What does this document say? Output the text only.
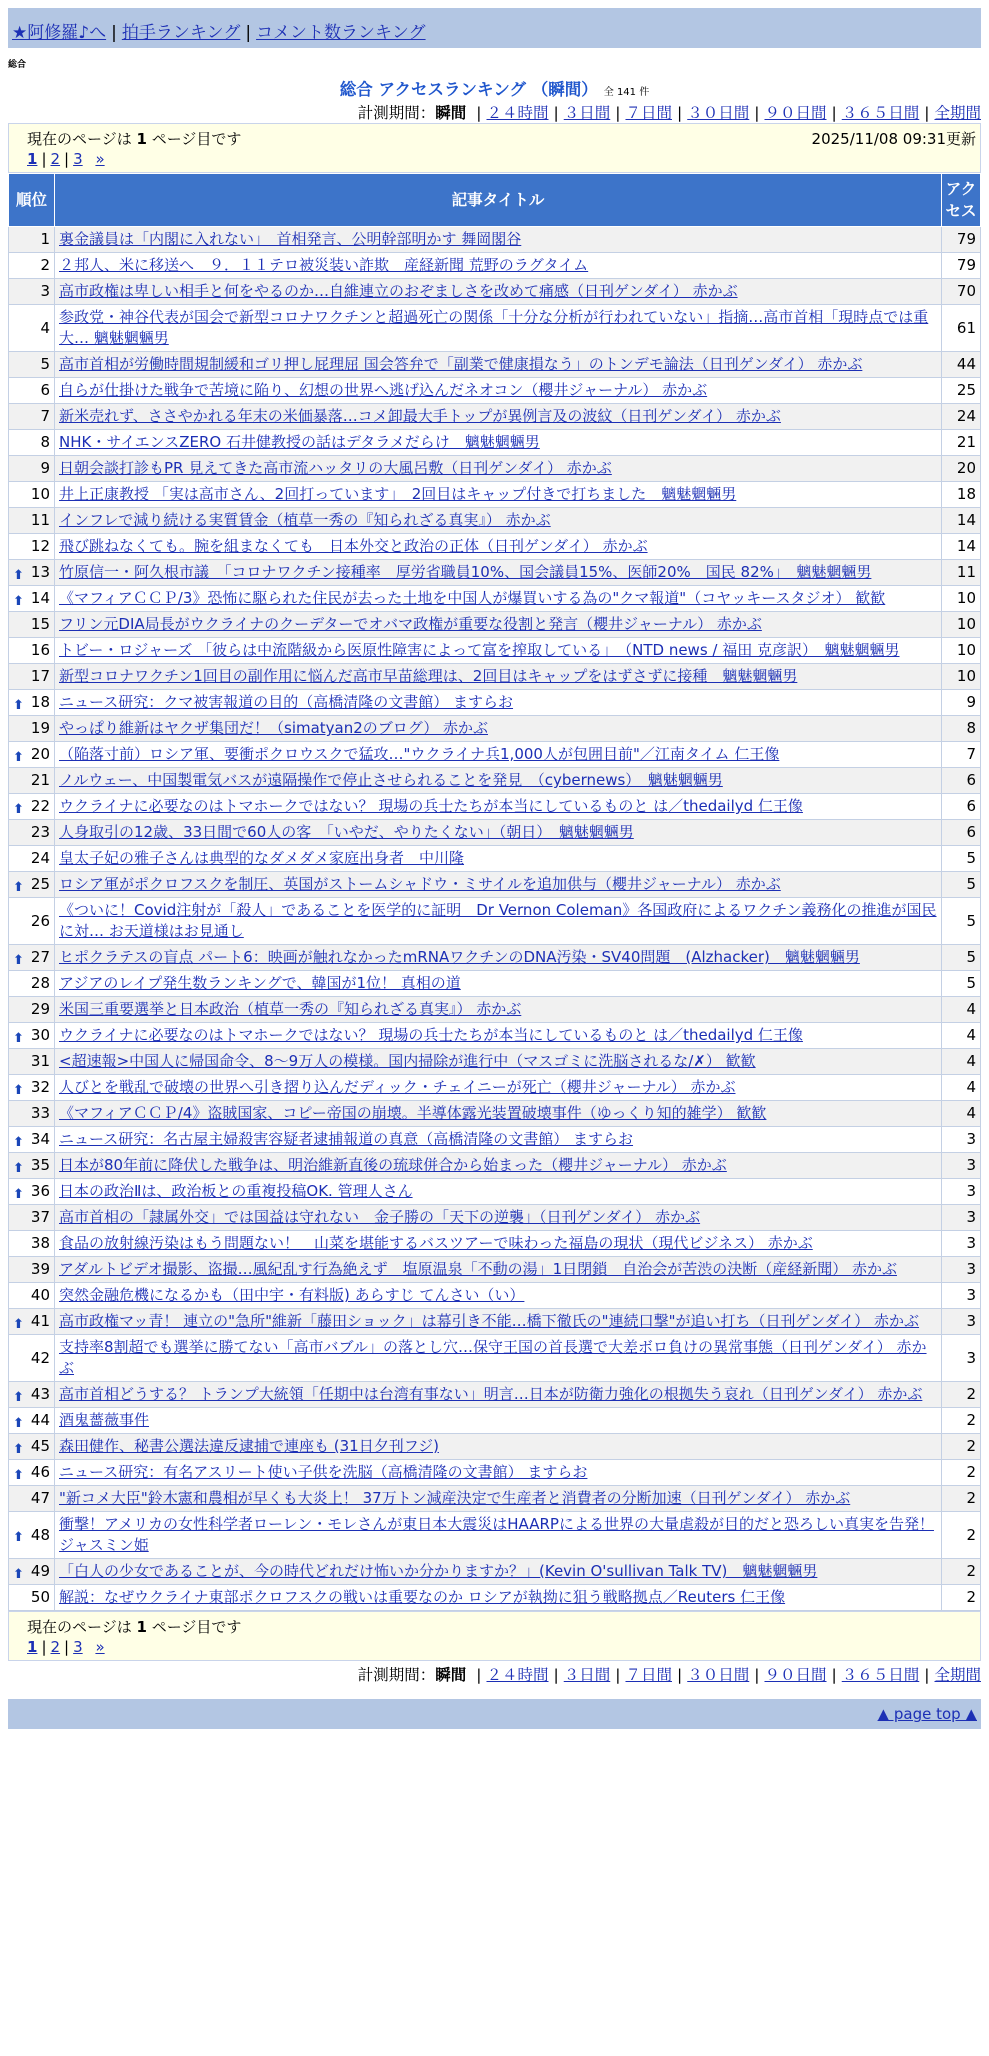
★阿修羅♪へ | 拍手ランキング | コメント数ランキング
総合
総合 アクセスランキング （瞬間） 全 141 件
計測期間：瞬間 | ２４時間 | ３日間 | ７日間 | ３０日間 | ９０日間 | ３６５日間 | 全期間
現在のページは 1 ページ目です	2025/11/08 09:31更新
1 | 2 | 3 »
順位	記事タイトル	アクセス
1	裏金議員は「内閣に入れない」　首相発言、公明幹部明かす 舞岡閣谷	79
2	２邦人、米に移送へ　９．１１テロ被災装い詐欺　産経新聞 荒野のラグタイム	79
3	高市政権は卑しい相手と何をやるのか…自維連立のおぞましさを改めて痛感（日刊ゲンダイ） 赤かぶ	70
4	参政党・神谷代表が国会で新型コロナワクチンと超過死亡の関係「十分な分析が行われていない」指摘…高市首相「現時点では重大… 魑魅魍魎男	61
5	高市首相が労働時間規制緩和ゴリ押し屁理屈 国会答弁で「副業で健康損なう」のトンデモ論法（日刊ゲンダイ） 赤かぶ	44
6	自らが仕掛けた戦争で苦境に陥り、幻想の世界へ逃げ込んだネオコン（櫻井ジャーナル） 赤かぶ	25
7	新米売れず、ささやかれる年末の米価暴落…コメ卸最大手トップが異例言及の波紋（日刊ゲンダイ） 赤かぶ	24
8	NHK・サイエンスZERO 石井健教授の話はデタラメだらけ　魑魅魍魎男	21
9	日朝会談打診もPR 見えてきた高市流ハッタリの大風呂敷（日刊ゲンダイ） 赤かぶ	20
10	井上正康教授 「実は高市さん、2回打っています」　2回目はキャップ付きで打ちました　魑魅魍魎男	18
11	インフレで減り続ける実質賃金（植草一秀の『知られざる真実』） 赤かぶ	14
12	飛び跳ねなくても。腕を組まなくても　日本外交と政治の正体（日刊ゲンダイ） 赤かぶ	14

⬆ 13	竹原信一・阿久根市議　「コロナワクチン接種率　厚労省職員10%、国会議員15%、医師20%　国民 82%」　魑魅魍魎男	11

⬆ 14	《マフィアＣＣＰ/3》恐怖に駆られた住民が去った土地を中国人が爆買いする為の"クマ報道"（コヤッキースタジオ） 歓歓	10
15	フリン元DIA局長がウクライナのクーデターでオバマ政権が重要な役割と発言（櫻井ジャーナル） 赤かぶ	10
16	トビー・ロジャーズ 「彼らは中流階級から医原性障害によって富を搾取している」　（NTD news / 福田 克彦訳）　魑魅魍魎男	10
17	新型コロナワクチン1回目の副作用に悩んだ高市早苗総理は、2回目はキャップをはずさずに接種　魑魅魍魎男	10

⬆ 18	ニュース研究：クマ被害報道の目的（高橋清隆の文書館） ますらお	9
19	やっぱり維新はヤクザ集団だ！（simatyan2のブログ） 赤かぶ	8

⬆ 20	（陥落寸前）ロシア軍、要衝ポクロウスクで猛攻…"ウクライナ兵1,000人が包囲目前"／江南タイム 仁王像	7
21	ノルウェー、中国製電気バスが遠隔操作で停止させられることを発見　（cybernews）　魑魅魍魎男	6

⬆ 22	ウクライナに必要なのはトマホークではない？ 現場の兵士たちが本当にしているものと は／thedailyd 仁王像	6
23	人身取引の12歳、33日間で60人の客　「いやだ、やりたくない」（朝日）　魑魅魍魎男	6
24	皇太子妃の雅子さんは典型的なダメダメ家庭出身者　中川隆	5

⬆ 25	ロシア軍がポクロフスクを制圧、英国がストームシャドウ・ミサイルを追加供与（櫻井ジャーナル） 赤かぶ	5
26	《ついに！Covid注射が「殺人」であることを医学的に証明　Dr Vernon Coleman》各国政府によるワクチン義務化の推進が国民に対… お天道様はお見通し	5

⬆ 27	ヒポクラテスの盲点 パート6：映画が触れなかったmRNAワクチンのDNA汚染・SV40問題　(Alzhacker)　魑魅魍魎男	5
28	アジアのレイプ発生数ランキングで、韓国が1位！ 真相の道	5
29	米国三重要選挙と日本政治（植草一秀の『知られざる真実』） 赤かぶ	4

⬆ 30	ウクライナに必要なのはトマホークではない？ 現場の兵士たちが本当にしているものと は／thedailyd 仁王像	4
31	<超速報>中国人に帰国命令、8～9万人の模様。国内掃除が進行中（マスゴミに洗脳されるな/✗） 歓歓	4

⬆ 32	人びとを戦乱で破壊の世界へ引き摺り込んだディック・チェイニーが死亡（櫻井ジャーナル） 赤かぶ	4
33	《マフィアＣＣＰ/4》盗賊国家、コピー帝国の崩壊。半導体露光装置破壊事件（ゆっくり知的雑学） 歓歓	4

⬆ 34	ニュース研究：名古屋主婦殺害容疑者逮捕報道の真意（高橋清隆の文書館） ますらお	3

⬆ 35	日本が80年前に降伏した戦争は、明治維新直後の琉球併合から始まった（櫻井ジャーナル） 赤かぶ	3

⬆ 36	日本の政治Ⅱは、政治板との重複投稿OK. 管理人さん	3
37	高市首相の「隷属外交」では国益は守れない　金子勝の「天下の逆襲」（日刊ゲンダイ） 赤かぶ	3
38	食品の放射線汚染はもう問題ない！　山菜を堪能するバスツアーで味わった福島の現状（現代ビジネス） 赤かぶ	3
39	アダルトビデオ撮影、盗撮…風紀乱す行為絶えず　塩原温泉「不動の湯」1日閉鎖　自治会が苦渋の決断（産経新聞） 赤かぶ	3
40	突然金融危機になるかも（田中宇・有料版) あらすじ てんさい（い）	3

⬆ 41	高市政権マッ青！ 連立の"急所"維新「藤田ショック」は幕引き不能…橋下徹氏の"連続口撃"が追い打ち（日刊ゲンダイ） 赤かぶ	3
42	支持率8割超でも選挙に勝てない「高市バブル」の落とし穴…保守王国の首長選で大差ボロ負けの異常事態（日刊ゲンダイ） 赤かぶ	3

⬆ 43	高市首相どうする？ トランプ大統領「任期中は台湾有事ない」明言…日本が防衛力強化の根拠失う哀れ（日刊ゲンダイ） 赤かぶ	2

⬆ 44	酒鬼薔薇事件	2

⬆ 45	森田健作、秘書公選法違反逮捕で連座も (31日夕刊フジ)	2

⬆ 46	ニュース研究：有名アスリート使い子供を洗脳（高橋清隆の文書館） ますらお	2
47	"新コメ大臣"鈴木憲和農相が早くも大炎上！ 37万トン減産決定で生産者と消費者の分断加速（日刊ゲンダイ） 赤かぶ	2

⬆ 48	衝撃！アメリカの女性科学者ローレン・モレさんが東日本大震災はHAARPによる世界の大量虐殺が目的だと恐ろしい真実を告発！ ジャスミン姫	2

⬆ 49	「白人の少女であることが、今の時代どれだけ怖いか分かりますか？」(Kevin O'sullivan Talk TV)　魑魅魍魎男	2
50	解説：なぜウクライナ東部ポクロフスクの戦いは重要なのか ロシアが執拗に狙う戦略拠点／Reuters 仁王像	2
現在のページは 1 ページ目です
1 | 2 | 3 »
計測期間：瞬間 | ２４時間 | ３日間 | ７日間 | ３０日間 | ９０日間 | ３６５日間 | 全期間
▲ page top ▲
